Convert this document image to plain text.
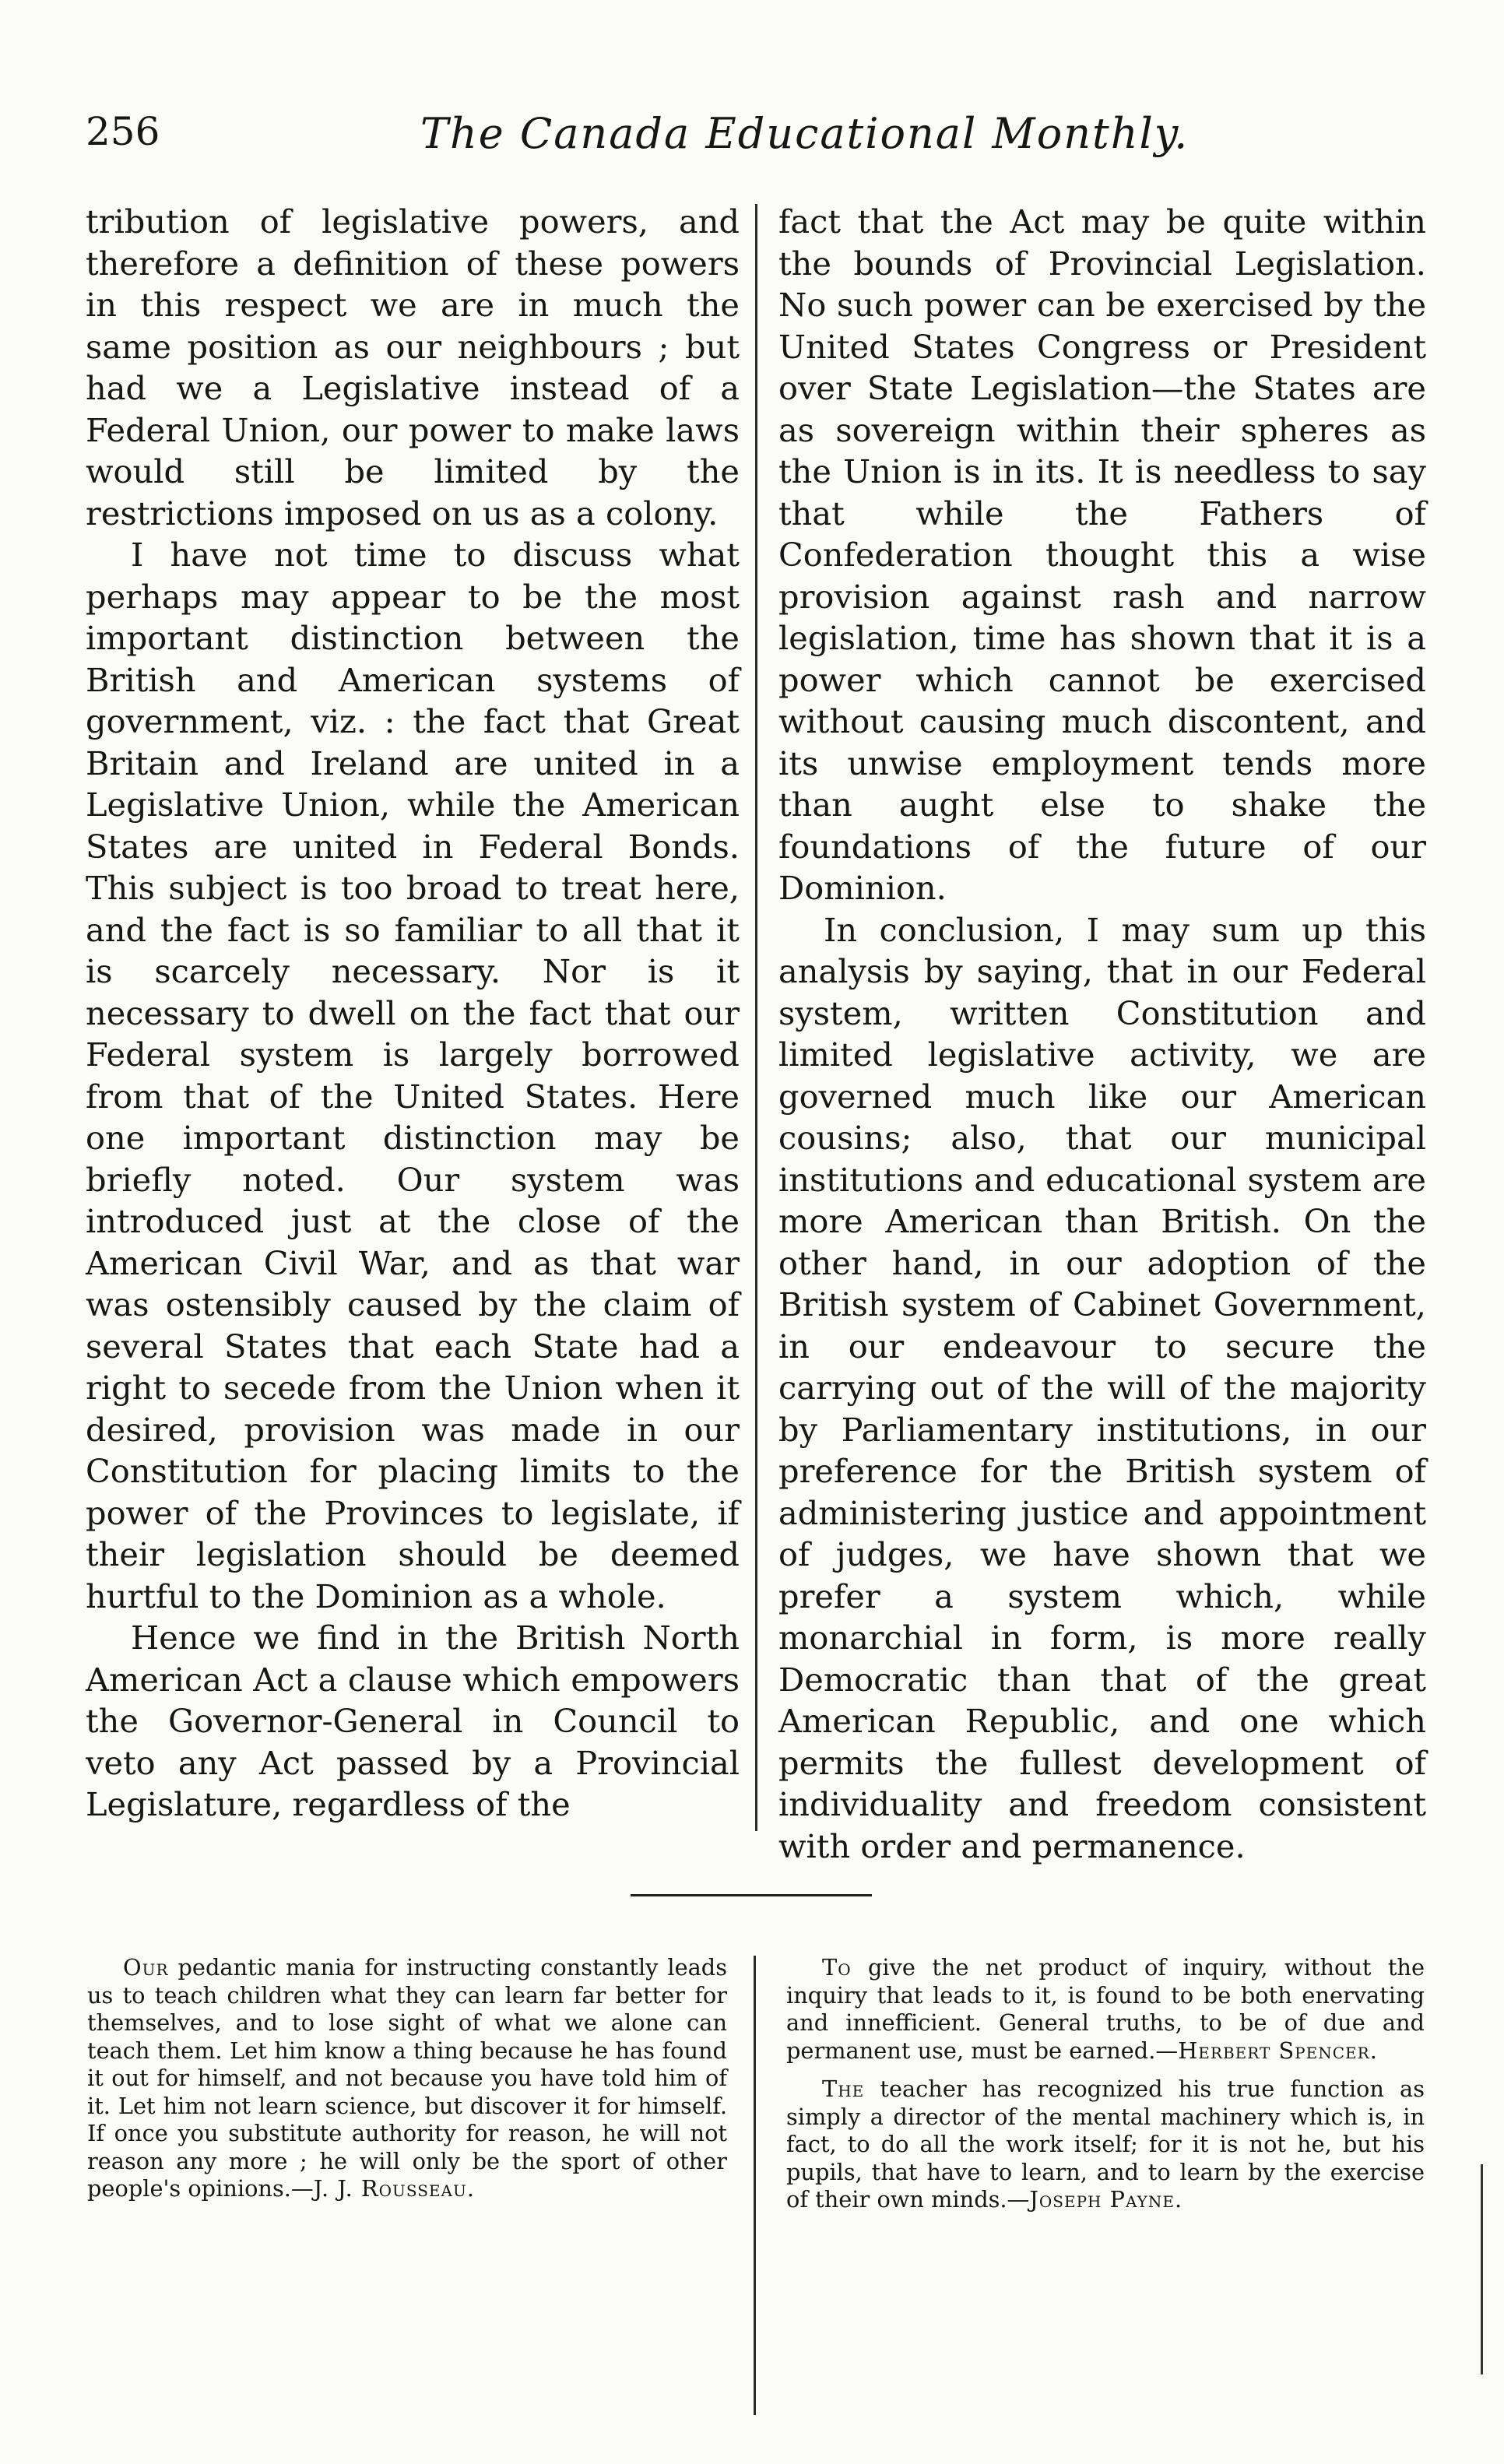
256	The Canada Educational Monthly.

tribution of legislative powers, and therefore a definition of these powers in this respect we are in much the same position as our neighbours ; but had we a Legislative instead of a Federal Union, our power to make laws would still be limited by the restrictions imposed on us as a colony.

I have not time to discuss what perhaps may appear to be the most important distinction between the British and American systems of government, viz. : the fact that Great Britain and Ireland are united in a Legislative Union, while the American States are united in Federal Bonds. This subject is too broad to treat here, and the fact is so familiar to all that it is scarcely necessary. Nor is it necessary to dwell on the fact that our Federal system is largely borrowed from that of the United States. Here one important distinction may be briefly noted. Our system was introduced just at the close of the American Civil War, and as that war was ostensibly caused by the claim of several States that each State had a right to secede from the Union when it desired, provision was made in our Constitution for placing limits to the power of the Provinces to legislate, if their legislation should be deemed hurtful to the Dominion as a whole.

Hence we find in the British North American Act a clause which empowers the Governor-General in Council to veto any Act passed by a Provincial Legislature, regardless of the

fact that the Act may be quite within the bounds of Provincial Legislation. No such power can be exercised by the United States Congress or President over State Legislation—the States are as sovereign within their spheres as the Union is in its. It is needless to say that while the Fathers of Confederation thought this a wise provision against rash and narrow legislation, time has shown that it is a power which cannot be exercised without causing much discontent, and its unwise employment tends more than aught else to shake the foundations of the future of our Dominion.

In conclusion, I may sum up this analysis by saying, that in our Federal system, written Constitution and limited legislative activity, we are governed much like our American cousins; also, that our municipal institutions and educational system are more American than British. On the other hand, in our adoption of the British system of Cabinet Government, in our endeavour to secure the carrying out of the will of the majority by Parliamentary institutions, in our preference for the British system of administering justice and appointment of judges, we have shown that we prefer a system which, while monarchial in form, is more really Democratic than that of the great American Republic, and one which permits the fullest development of individuality and freedom consistent with order and permanence.

Our pedantic mania for instructing constantly leads us to teach children what they can learn far better for themselves, and to lose sight of what we alone can teach them. Let him know a thing because he has found it out for himself, and not because you have told him of it. Let him not learn science, but discover it for himself. If once you substitute authority for reason, he will not reason any more ; he will only be the sport of other people's opinions.—J. J. Rousseau.

To give the net product of inquiry, without the inquiry that leads to it, is found to be both enervating and innefficient. General truths, to be of due and permanent use, must be earned.—Herbert Spencer.

The teacher has recognized his true function as simply a director of the mental machinery which is, in fact, to do all the work itself; for it is not he, but his pupils, that have to learn, and to learn by the exercise of their own minds.—Joseph Payne.
